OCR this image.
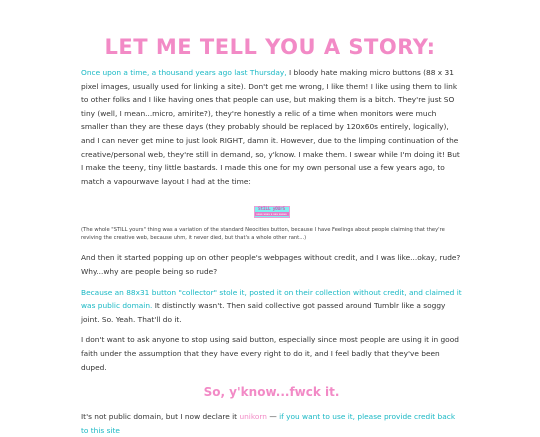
LET ME TELL YOU A STORY:

Once upon a time, a thousand years ago last Thursday, I bloody hate making micro buttons (88 x 31 pixel images, usually used for linking a site). Don't get me wrong, I like them! I like using them to link to other folks and I like having ones that people can use, but making them is a bitch. They're just SO tiny (well, I mean...micro, amirite?), they're honestly a relic of a time when monitors were much smaller than they are these days (they probably should be replaced by 120x60s entirely, logically), and I can never get mine to just look RIGHT, damn it. However, due to the limping continuation of the creative/personal web, they're still in demand, so, y'know. I make them. I swear while I'm doing it! But I make the teeny, tiny little bastards. I made this one for my own personal use a few years ago, to match a vapourwave layout I had at the time:

StILL yOUrS
ssss ssss s sss sssss

(The whole "STILL yours" thing was a variation of the standard Neocities button, because I have Feelings about people claiming that they're reviving the creative web, because uhm, it never died, but that's a whole other rant...)

And then it started popping up on other people's webpages without credit, and I was like...okay, rude? Why...why are people being so rude?

Because an 88x31 button "collector" stole it, posted it on their collection without credit, and claimed it was public domain. It distinctly wasn't. Then said collective got passed around Tumblr like a soggy joint. So. Yeah. That'll do it.

I don't want to ask anyone to stop using said button, especially since most people are using it in good faith under the assumption that they have every right to do it, and I feel badly that they've been duped.

So, y'know...fwck it.

It's not public domain, but I now declare it unikorn — if you want to use it, please provide credit back to this site
